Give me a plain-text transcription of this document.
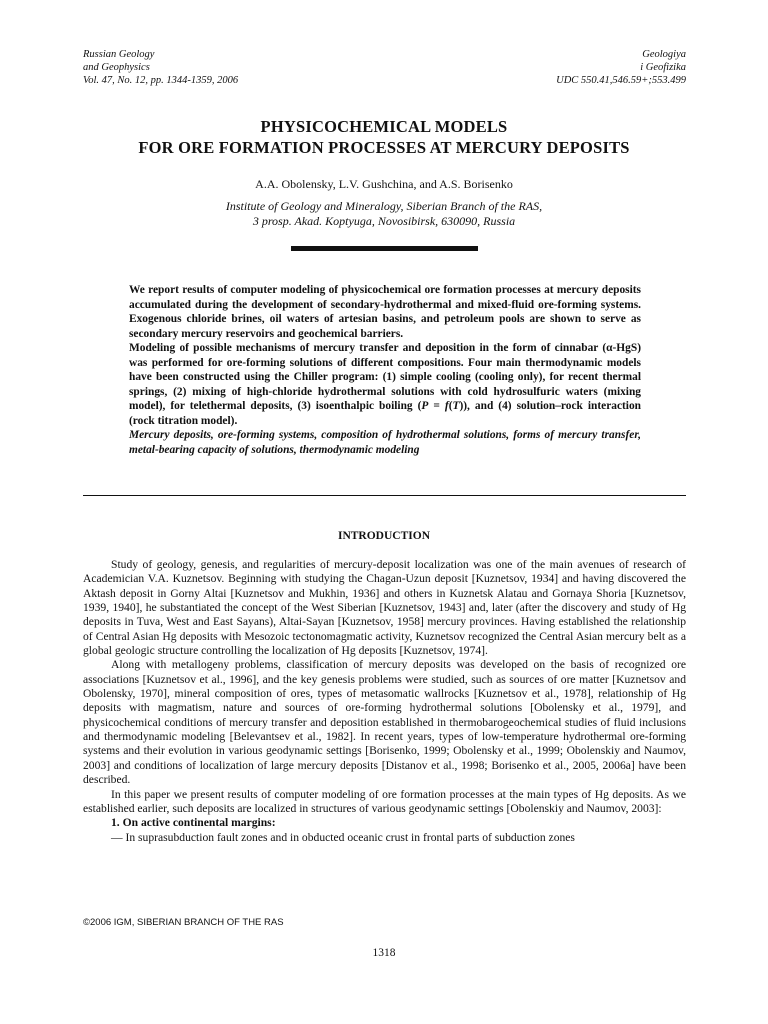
Russian Geology
and Geophysics
Vol. 47, No. 12, pp. 1344-1359, 2006
Geologiya
i Geofizika
UDC 550.41,546.59+;553.499
PHYSICOCHEMICAL MODELS
FOR ORE FORMATION PROCESSES AT MERCURY DEPOSITS
A.A. Obolensky, L.V. Gushchina, and A.S. Borisenko
Institute of Geology and Mineralogy, Siberian Branch of the RAS,
3 prosp. Akad. Koptyuga, Novosibirsk, 630090, Russia

We report results of computer modeling of physicochemical ore formation processes at mercury deposits accumulated during the development of secondary-hydrothermal and mixed-fluid ore-forming systems. Exogenous chloride brines, oil waters of artesian basins, and petroleum pools are shown to serve as secondary mercury reservoirs and geochemical barriers.

Modeling of possible mechanisms of mercury transfer and deposition in the form of cinnabar (α-HgS) was performed for ore-forming solutions of different compositions. Four main thermodynamic models have been constructed using the Chiller program: (1) simple cooling (cooling only), for recent thermal springs, (2) mixing of high-chloride hydrothermal solutions with cold hydrosulfuric waters (mixing model), for telethermal deposits, (3) isoenthalpic boiling (P = f(T)), and (4) solution–rock interaction (rock titration model).

Mercury deposits, ore-forming systems, composition of hydrothermal solutions, forms of mercury transfer, metal-bearing capacity of solutions, thermodynamic modeling

INTRODUCTION

Study of geology, genesis, and regularities of mercury-deposit localization was one of the main avenues of research of Academician V.A. Kuznetsov. Beginning with studying the Chagan-Uzun deposit [Kuznetsov, 1934] and having discovered the Aktash deposit in Gorny Altai [Kuznetsov and Mukhin, 1936] and others in Kuznetsk Alatau and Gornaya Shoria [Kuznetsov, 1939, 1940], he substantiated the concept of the West Siberian [Kuznetsov, 1943] and, later (after the discovery and study of Hg deposits in Tuva, West and East Sayans), Altai-Sayan [Kuznetsov, 1958] mercury provinces. Having established the relationship of Central Asian Hg deposits with Mesozoic tectonomagmatic activity, Kuznetsov recognized the Central Asian mercury belt as a global geologic structure controlling the localization of Hg deposits [Kuznetsov, 1974].

Along with metallogeny problems, classification of mercury deposits was developed on the basis of recognized ore associations [Kuznetsov et al., 1996], and the key genesis problems were studied, such as sources of ore matter [Kuznetsov and Obolensky, 1970], mineral composition of ores, types of metasomatic wallrocks [Kuznetsov et al., 1978], relationship of Hg deposits with magmatism, nature and sources of ore-forming hydrothermal solutions [Obolensky et al., 1979], and physicochemical conditions of mercury transfer and deposition established in thermobarogeochemical studies of fluid inclusions and thermodynamic modeling [Belevantsev et al., 1982]. In recent years, types of low-temperature hydrothermal ore-forming systems and their evolution in various geodynamic settings [Borisenko, 1999; Obolensky et al., 1999; Obolenskiy and Naumov, 2003] and conditions of localization of large mercury deposits [Distanov et al., 1998; Borisenko et al., 2005, 2006a] have been described.

In this paper we present results of computer modeling of ore formation processes at the main types of Hg deposits. As we established earlier, such deposits are localized in structures of various geodynamic settings [Obolenskiy and Naumov, 2003]:

1. On active continental margins:

— In suprasubduction fault zones and in obducted oceanic crust in frontal parts of subduction zones

©2006 IGM, SIBERIAN BRANCH OF THE RAS
1318
